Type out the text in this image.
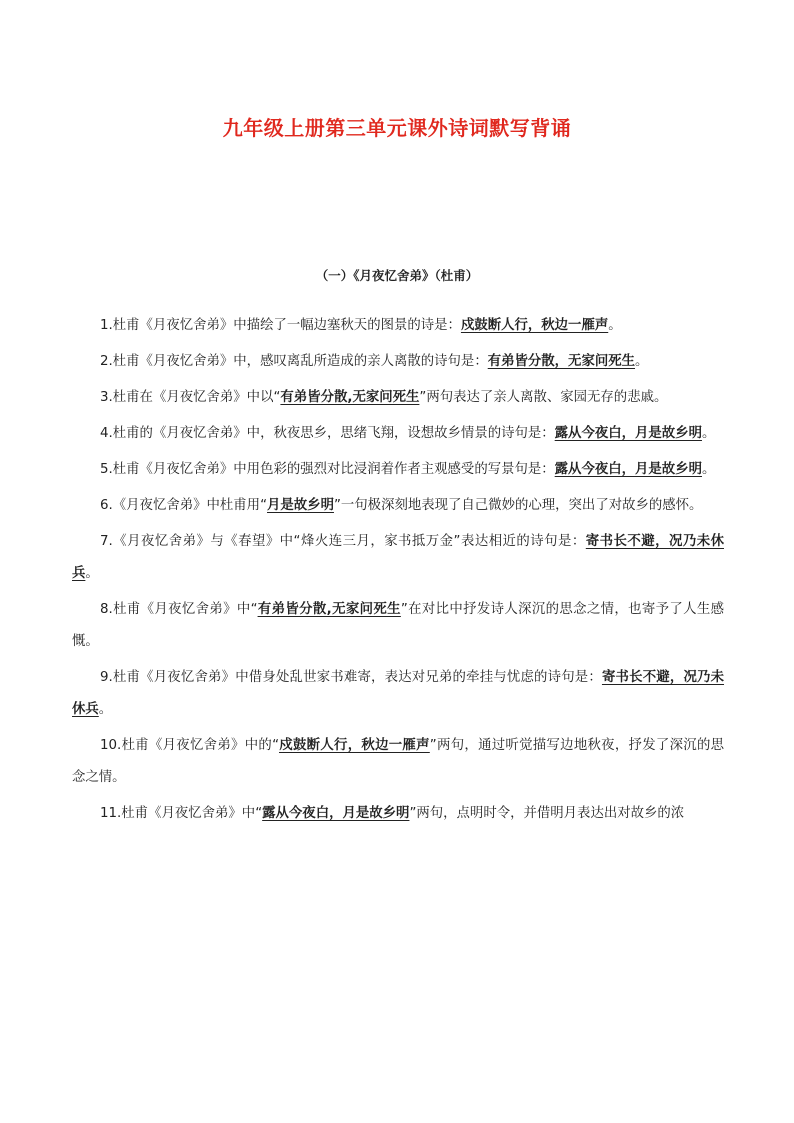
九年级上册第三单元课外诗词默写背诵
（一）《月夜忆舍弟》（杜甫）

1.杜甫《月夜忆舍弟》中描绘了一幅边塞秋天的图景的诗是：戍鼓断人行，秋边一雁声。

2.杜甫《月夜忆舍弟》中，感叹离乱所造成的亲人离散的诗句是：有弟皆分散，无家问死生。

3.杜甫在《月夜忆舍弟》中以“有弟皆分散,无家问死生”两句表达了亲人离散、家园无存的悲戚。

4.杜甫的《月夜忆舍弟》中，秋夜思乡，思绪飞翔，设想故乡情景的诗句是：露从今夜白，月是故乡明。

5.杜甫《月夜忆舍弟》中用色彩的强烈对比浸润着作者主观感受的写景句是：露从今夜白，月是故乡明。

6.《月夜忆舍弟》中杜甫用“月是故乡明”一句极深刻地表现了自己微妙的心理，突出了对故乡的感怀。

7.《月夜忆舍弟》与《春望》中“烽火连三月，家书抵万金”表达相近的诗句是：寄书长不避，况乃未休兵。

8.杜甫《月夜忆舍弟》中“有弟皆分散,无家问死生”在对比中抒发诗人深沉的思念之情，也寄予了人生感慨。

9.杜甫《月夜忆舍弟》中借身处乱世家书难寄，表达对兄弟的牵挂与忧虑的诗句是：寄书长不避，况乃未休兵。

10.杜甫《月夜忆舍弟》中的“戍鼓断人行，秋边一雁声”两句，通过听觉描写边地秋夜，抒发了深沉的思念之情。

11.杜甫《月夜忆舍弟》中“露从今夜白，月是故乡明”两句，点明时令，并借明月表达出对故乡的浓
